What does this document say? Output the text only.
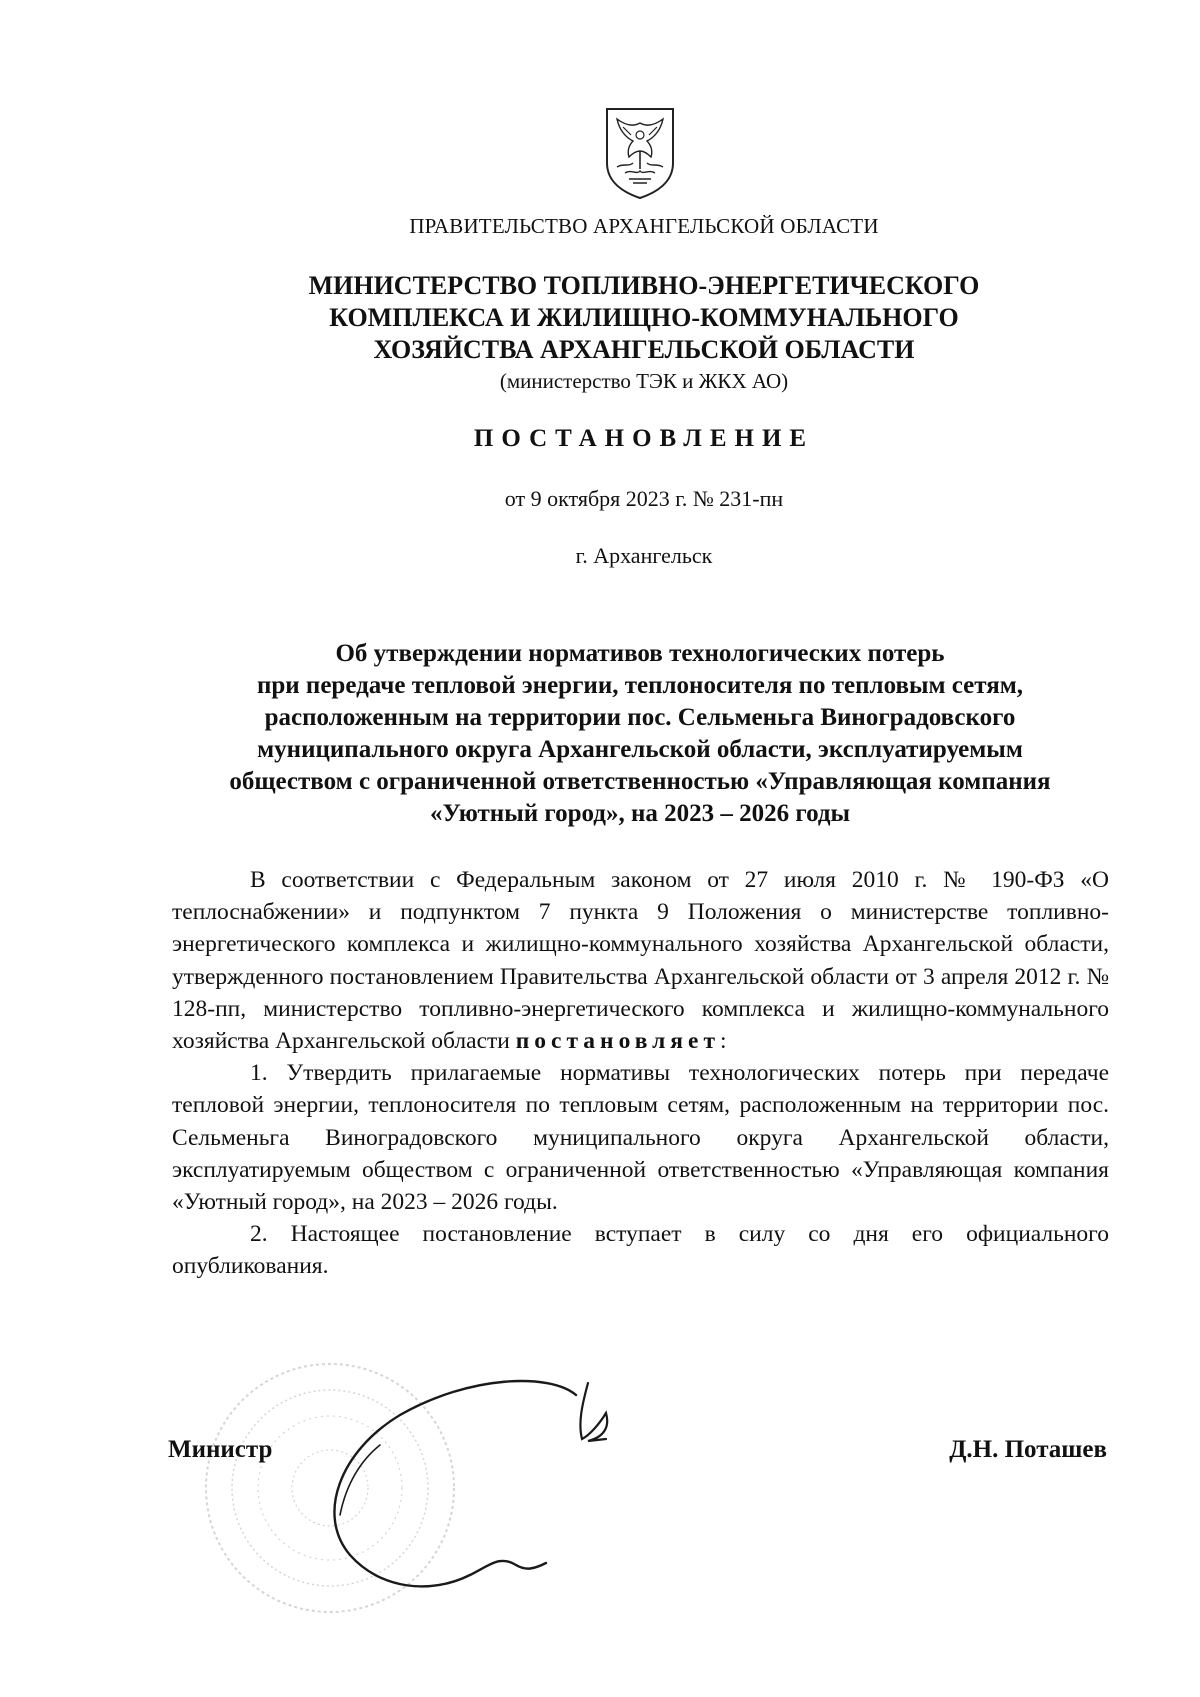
ПРАВИТЕЛЬСТВО АРХАНГЕЛЬСКОЙ ОБЛАСТИ
МИНИСТЕРСТВО ТОПЛИВНО-ЭНЕРГЕТИЧЕСКОГО
КОМПЛЕКСА И ЖИЛИЩНО-КОММУНАЛЬНОГО
ХОЗЯЙСТВА АРХАНГЕЛЬСКОЙ ОБЛАСТИ
(министерство ТЭК и ЖКХ АО)
ПОСТАНОВЛЕНИЕ
от 9 октября 2023 г. № 231-пн
г. Архангельск
Об утверждении нормативов технологических потерь
при передаче тепловой энергии, теплоносителя по тепловым сетям,
расположенным на территории пос. Сельменьга Виноградовского
муниципального округа Архангельской области, эксплуатируемым
обществом с ограниченной ответственностью «Управляющая компания
«Уютный город», на 2023 – 2026 годы

В соответствии с Федеральным законом от 27 июля 2010 г. № 190-ФЗ «О теплоснабжении» и подпунктом 7 пункта 9 Положения о министерстве топливно-энергетического комплекса и жилищно-коммунального хозяйства Архангельской области, утвержденного постановлением Правительства Архангельской области от 3 апреля 2012 г. № 128-пп, министерство топливно-энергетического комплекса и жилищно-коммунального хозяйства Архангельской области постановляет:

1. Утвердить прилагаемые нормативы технологических потерь при передаче тепловой энергии, теплоносителя по тепловым сетям, расположенным на территории пос. Сельменьга Виноградовского муниципального округа Архангельской области, эксплуатируемым обществом с ограниченной ответственностью «Управляющая компания «Уютный город», на 2023 – 2026 годы.

2. Настоящее постановление вступает в силу со дня его официального опубликования.

Министр	Д.Н. Поташев
